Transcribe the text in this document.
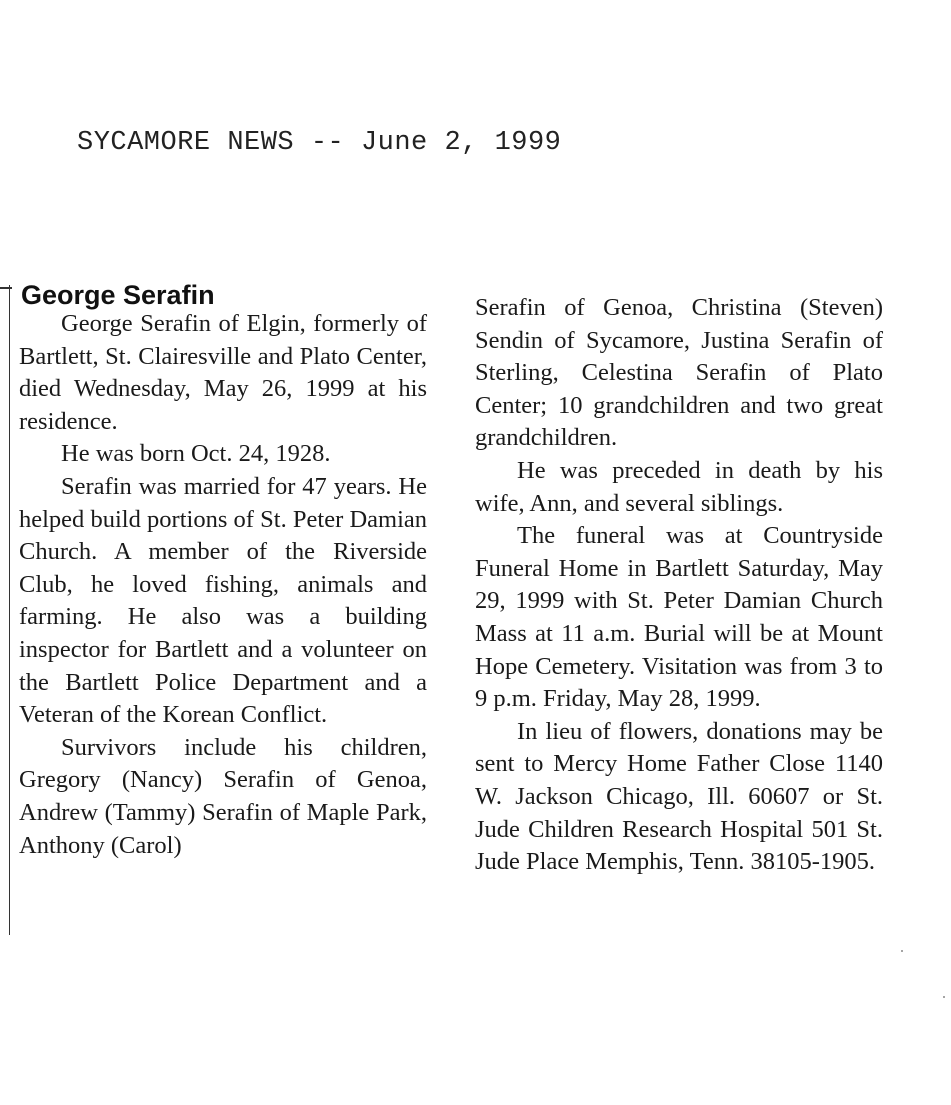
SYCAMORE NEWS -- June 2, 1999
George Serafin

George Serafin of Elgin, formerly of Bartlett, St. Clairesville and Plato Center, died Wednesday, May 26, 1999 at his residence.

He was born Oct. 24, 1928.

Serafin was married for 47 years. He helped build portions of St. Peter Damian Church. A member of the Riverside Club, he loved fishing, animals and farming. He also was a building inspector for Bartlett and a volunteer on the Bartlett Police Department and a Veteran of the Korean Conflict.

Survivors include his children, Gregory (Nancy) Serafin of Genoa, Andrew (Tammy) Serafin of Maple Park, Anthony (Carol)

Serafin of Genoa, Christina (Steven) Sendin of Sycamore, Justina Serafin of Sterling, Celestina Serafin of Plato Center; 10 grandchildren and two great grandchildren.

He was preceded in death by his wife, Ann, and several siblings.

The funeral was at Countryside Funeral Home in Bartlett Saturday, May 29, 1999 with St. Peter Damian Church Mass at 11 a.m. Burial will be at Mount Hope Cemetery. Visitation was from 3 to 9 p.m. Friday, May 28, 1999.

In lieu of flowers, donations may be sent to Mercy Home Father Close 1140 W. Jackson Chicago, Ill. 60607 or St. Jude Children Research Hospital 501 St. Jude Place Memphis, Tenn. 38105-1905.
